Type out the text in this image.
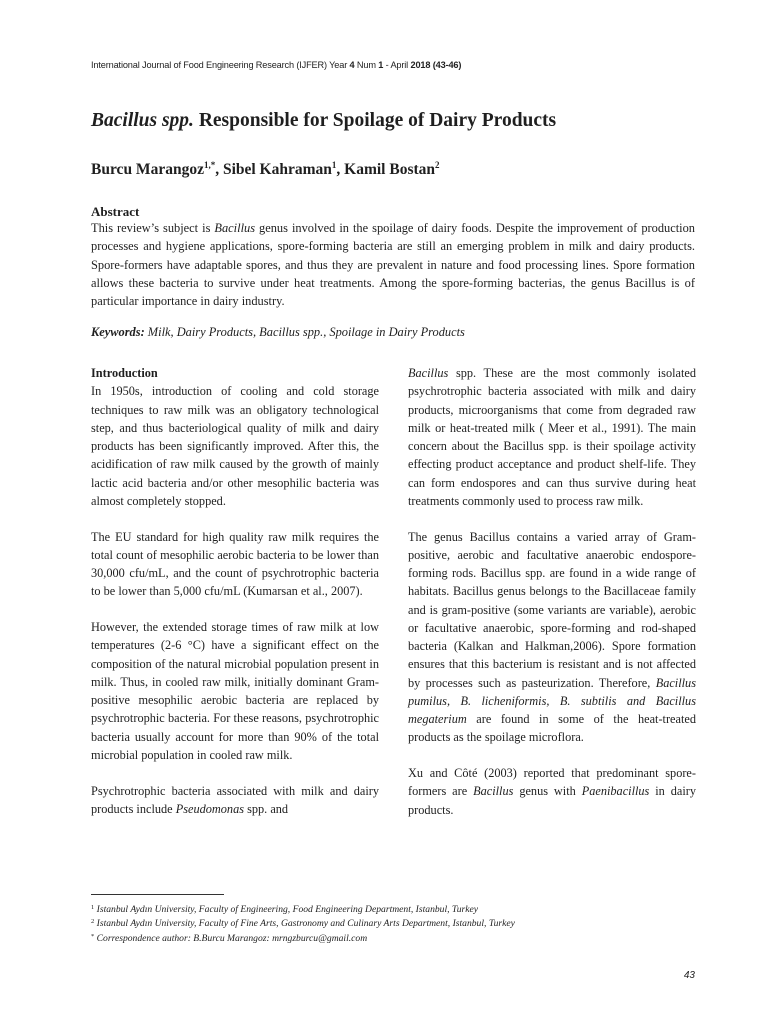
International Journal of Food Engineering Research (IJFER) Year 4 Num 1 - April 2018 (43-46)
Bacillus spp. Responsible for Spoilage of Dairy Products
Burcu Marangoz$^{1,*}$, Sibel Kahraman$^1$, Kamil Bostan$^2$
Abstract

This review’s subject is Bacillus genus involved in the spoilage of dairy foods. Despite the improvement of production processes and hygiene applications, spore-forming bacteria are still an emerging problem in milk and dairy products. Spore-formers have adaptable spores, and thus they are prevalent in nature and food processing lines. Spore formation allows these bacteria to survive under heat treatments. Among the spore-forming bacterias, the genus Bacillus is of particular importance in dairy industry.

Keywords: Milk, Dairy Products, Bacillus spp., Spoilage in Dairy Products

Introduction

In 1950s, introduction of cooling and cold storage techniques to raw milk was an obligatory technological step, and thus bacteriological quality of milk and dairy products has been significantly improved. After this, the acidification of raw milk caused by the growth of mainly lactic acid bacteria and/or other mesophilic bacteria was almost completely stopped.

The EU standard for high quality raw milk requires the total count of mesophilic aerobic bacteria to be lower than 30,000 cfu/mL, and the count of psychrotrophic bacteria to be lower than 5,000 cfu/mL (Kumarsan et al., 2007).

However, the extended storage times of raw milk at low temperatures (2-6 °C) have a significant effect on the composition of the natural microbial population present in milk. Thus, in cooled raw milk, initially dominant Gram-positive mesophilic aerobic bacteria are replaced by psychrotrophic bacteria. For these reasons, psychrotrophic bacteria usually account for more than 90% of the total microbial population in cooled raw milk.

Psychrotrophic bacteria associated with milk and dairy products include Pseudomonas spp. and

Bacillus spp. These are the most commonly isolated psychrotrophic bacteria associated with milk and dairy products, microorganisms that come from degraded raw milk or heat-treated milk ( Meer et al., 1991). The main concern about the Bacillus spp. is their spoilage activity effecting product acceptance and product shelf-life. They can form endospores and can thus survive during heat treatments commonly used to process raw milk.

The genus Bacillus contains a varied array of Gram-positive, aerobic and facultative anaerobic endospore- forming rods. Bacillus spp. are found in a wide range of habitats. Bacillus genus belongs to the Bacillaceae family and is gram-positive (some variants are variable), aerobic or facultative anaerobic, spore-forming and rod-shaped bacteria (Kalkan and Halkman,2006). Spore formation ensures that this bacterium is resistant and is not affected by processes such as pasteurization. Therefore, Bacillus pumilus, B. licheniformis, B. subtilis and Bacillus megaterium are found in some of the heat-treated products as the spoilage microflora.

Xu and Côté (2003) reported that predominant spore-formers are Bacillus genus with Paenibacillus in dairy products.

$^1$ Istanbul Aydın University, Faculty of Engineering, Food Engineering Department, Istanbul, Turkey
$^2$ Istanbul Aydın University, Faculty of Fine Arts, Gastronomy and Culinary Arts Department, Istanbul, Turkey
* Correspondence author: B.Burcu Marangoz: mrngzburcu@gmail.com
43
